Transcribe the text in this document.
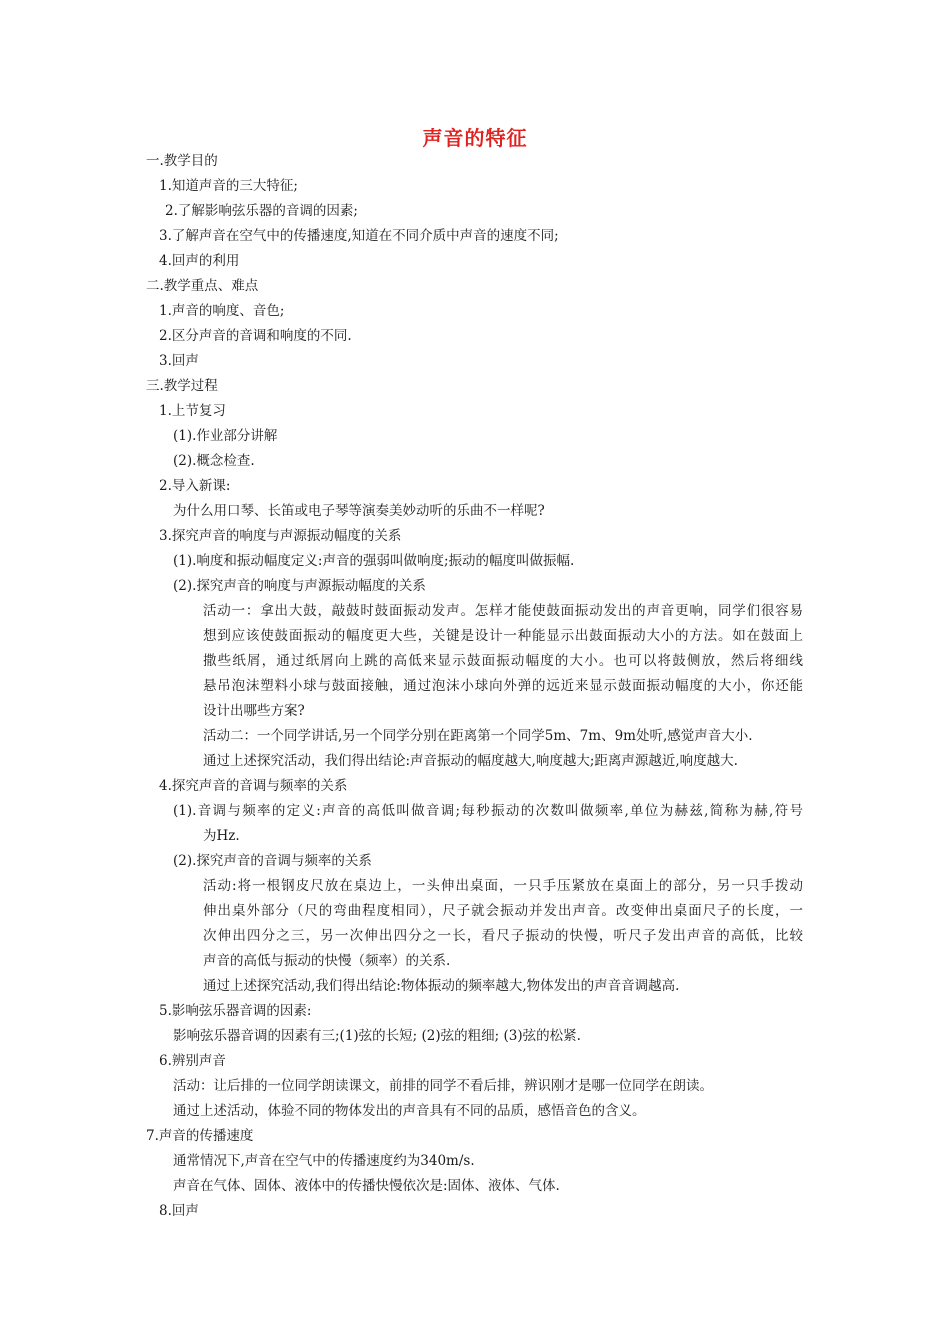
声音的特征
一.教学目的
1.知道声音的三大特征;
2.了解影响弦乐器的音调的因素;
3.了解声音在空气中的传播速度,知道在不同介质中声音的速度不同;
4.回声的利用
二.教学重点、难点
1.声音的响度、音色;
2.区分声音的音调和响度的不同.
3.回声
三.教学过程
1.上节复习
(1).作业部分讲解
(2).概念检查.
2.导入新课:
为什么用口琴、长笛或电子琴等演奏美妙动听的乐曲不一样呢?
3.探究声音的响度与声源振动幅度的关系
(1).响度和振动幅度定义:声音的强弱叫做响度;振动的幅度叫做振幅.
(2).探究声音的响度与声源振动幅度的关系
活动一：拿出大鼓，敲鼓时鼓面振动发声。怎样才能使鼓面振动发出的声音更响，同学们很容易
想到应该使鼓面振动的幅度更大些，关键是设计一种能显示出鼓面振动大小的方法。如在鼓面上
撒些纸屑，通过纸屑向上跳的高低来显示鼓面振动幅度的大小。也可以将鼓侧放，然后将细线
悬吊泡沫塑料小球与鼓面接触，通过泡沫小球向外弹的远近来显示鼓面振动幅度的大小，你还能
设计出哪些方案?
活动二：一个同学讲话,另一个同学分别在距离第一个同学5m、7m、9m处听,感觉声音大小.
通过上述探究活动，我们得出结论:声音振动的幅度越大,响度越大;距离声源越近,响度越大.
4.探究声音的音调与频率的关系
(1).音调与频率的定义:声音的高低叫做音调;每秒振动的次数叫做频率,单位为赫兹,简称为赫,符号
为Hz.
(2).探究声音的音调与频率的关系
活动:将一根钢皮尺放在桌边上，一头伸出桌面，一只手压紧放在桌面上的部分，另一只手拨动
伸出桌外部分（尺的弯曲程度相同），尺子就会振动并发出声音。改变伸出桌面尺子的长度，一
次伸出四分之三，另一次伸出四分之一长，看尺子振动的快慢，听尺子发出声音的高低，比较
声音的高低与振动的快慢（频率）的关系.
通过上述探究活动,我们得出结论:物体振动的频率越大,物体发出的声音音调越高.
5.影响弦乐器音调的因素:
影响弦乐器音调的因素有三;(1)弦的长短; (2)弦的粗细; (3)弦的松紧.
6.辨别声音
活动：让后排的一位同学朗读课文，前排的同学不看后排，辨识刚才是哪一位同学在朗读。
通过上述活动，体验不同的物体发出的声音具有不同的品质，感悟音色的含义。
7.声音的传播速度
通常情况下,声音在空气中的传播速度约为340m/s.
声音在气体、固体、液体中的传播快慢依次是:固体、液体、气体.
8.回声
